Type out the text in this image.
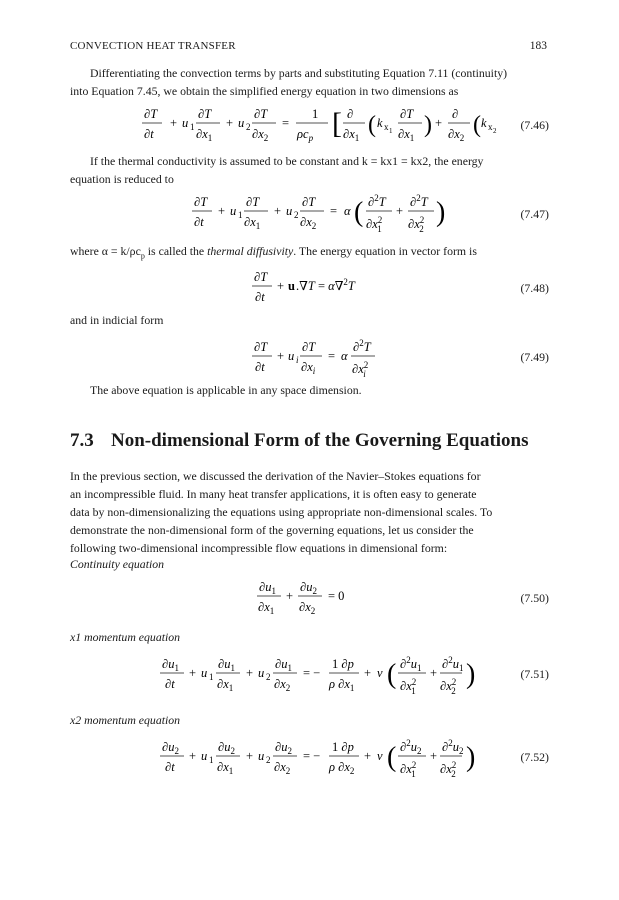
CONVECTION HEAT TRANSFER	183
Differentiating the convection terms by parts and substituting Equation 7.11 (continuity)
into Equation 7.45, we obtain the simplified energy equation in two dimensions as
∂T
∂t
+ u 1
∂T
$\partial x_1$
+ u 2
∂T
$\partial x_2$
=
1
$\rho c_p$ [ ∂
$\partial x_1$ ( k x 1
∂T
$\partial x_1$ ) +
∂
$\partial x_2$ ( k x 2 (7.46)
If the thermal conductivity is assumed to be constant and k = kx1 = kx2, the energy
equation is reduced to
∂T
∂t
+ u 1
∂T
$\partial x_1$
+ u 2
∂T
$\partial x_2$
= α ( ∂$^2$T
$\partial x^2$ 1
+
∂$^2$T
$\partial x^2$ 2
)	(7.47)
where $\alpha = k/\rho c_p$ is called the thermal diffusivity. The energy equation in vector form is
∂T
∂t
+ u .∇T = α∇$^2$T	(7.48)
and in indicial form
∂T
∂t
+ u i
∂T
$\partial x_i$
= α
∂$^2$T
$\partial x^2$ i
(7.49)
The above equation is applicable in any space dimension.
7.3 Non-dimensional Form of the Governing Equations
In the previous section, we discussed the derivation of the Navier–Stokes equations for
an incompressible fluid. In many heat transfer applications, it is often easy to generate
data by non-dimensionalizing the equations using appropriate non-dimensional scales. To
demonstrate the non-dimensional form of the governing equations, let us consider the
following two-dimensional incompressible flow equations in dimensional form:
Continuity equation
$\partial u_1$
$\partial x_1$
+
$\partial u_2$
$\partial x_2$
= 0	(7.50)
x1 momentum equation
$\partial u_1$
∂t
+ u 1
$\partial u_1$
$\partial x_1$
+ u 2
$\partial u_1$
$\partial x_2$
= −
1 ∂p
ρ $\partial x_1$
+ v ( $\partial^2u_1$
$\partial x^2$ 1
+
$\partial^2u_1$
$\partial x^2$ 2
)	(7.51)
x2 momentum equation
$\partial u_2$
∂t
+ u 1
$\partial u_2$
$\partial x_1$
+ u 2
$\partial u_2$
$\partial x_2$
= −
1 ∂p
ρ $\partial x_2$
+ v ( $\partial^2u_2$
$\partial x^2$ 1
+
$\partial^2u_2$
$\partial x^2$ 2
)	(7.52)
